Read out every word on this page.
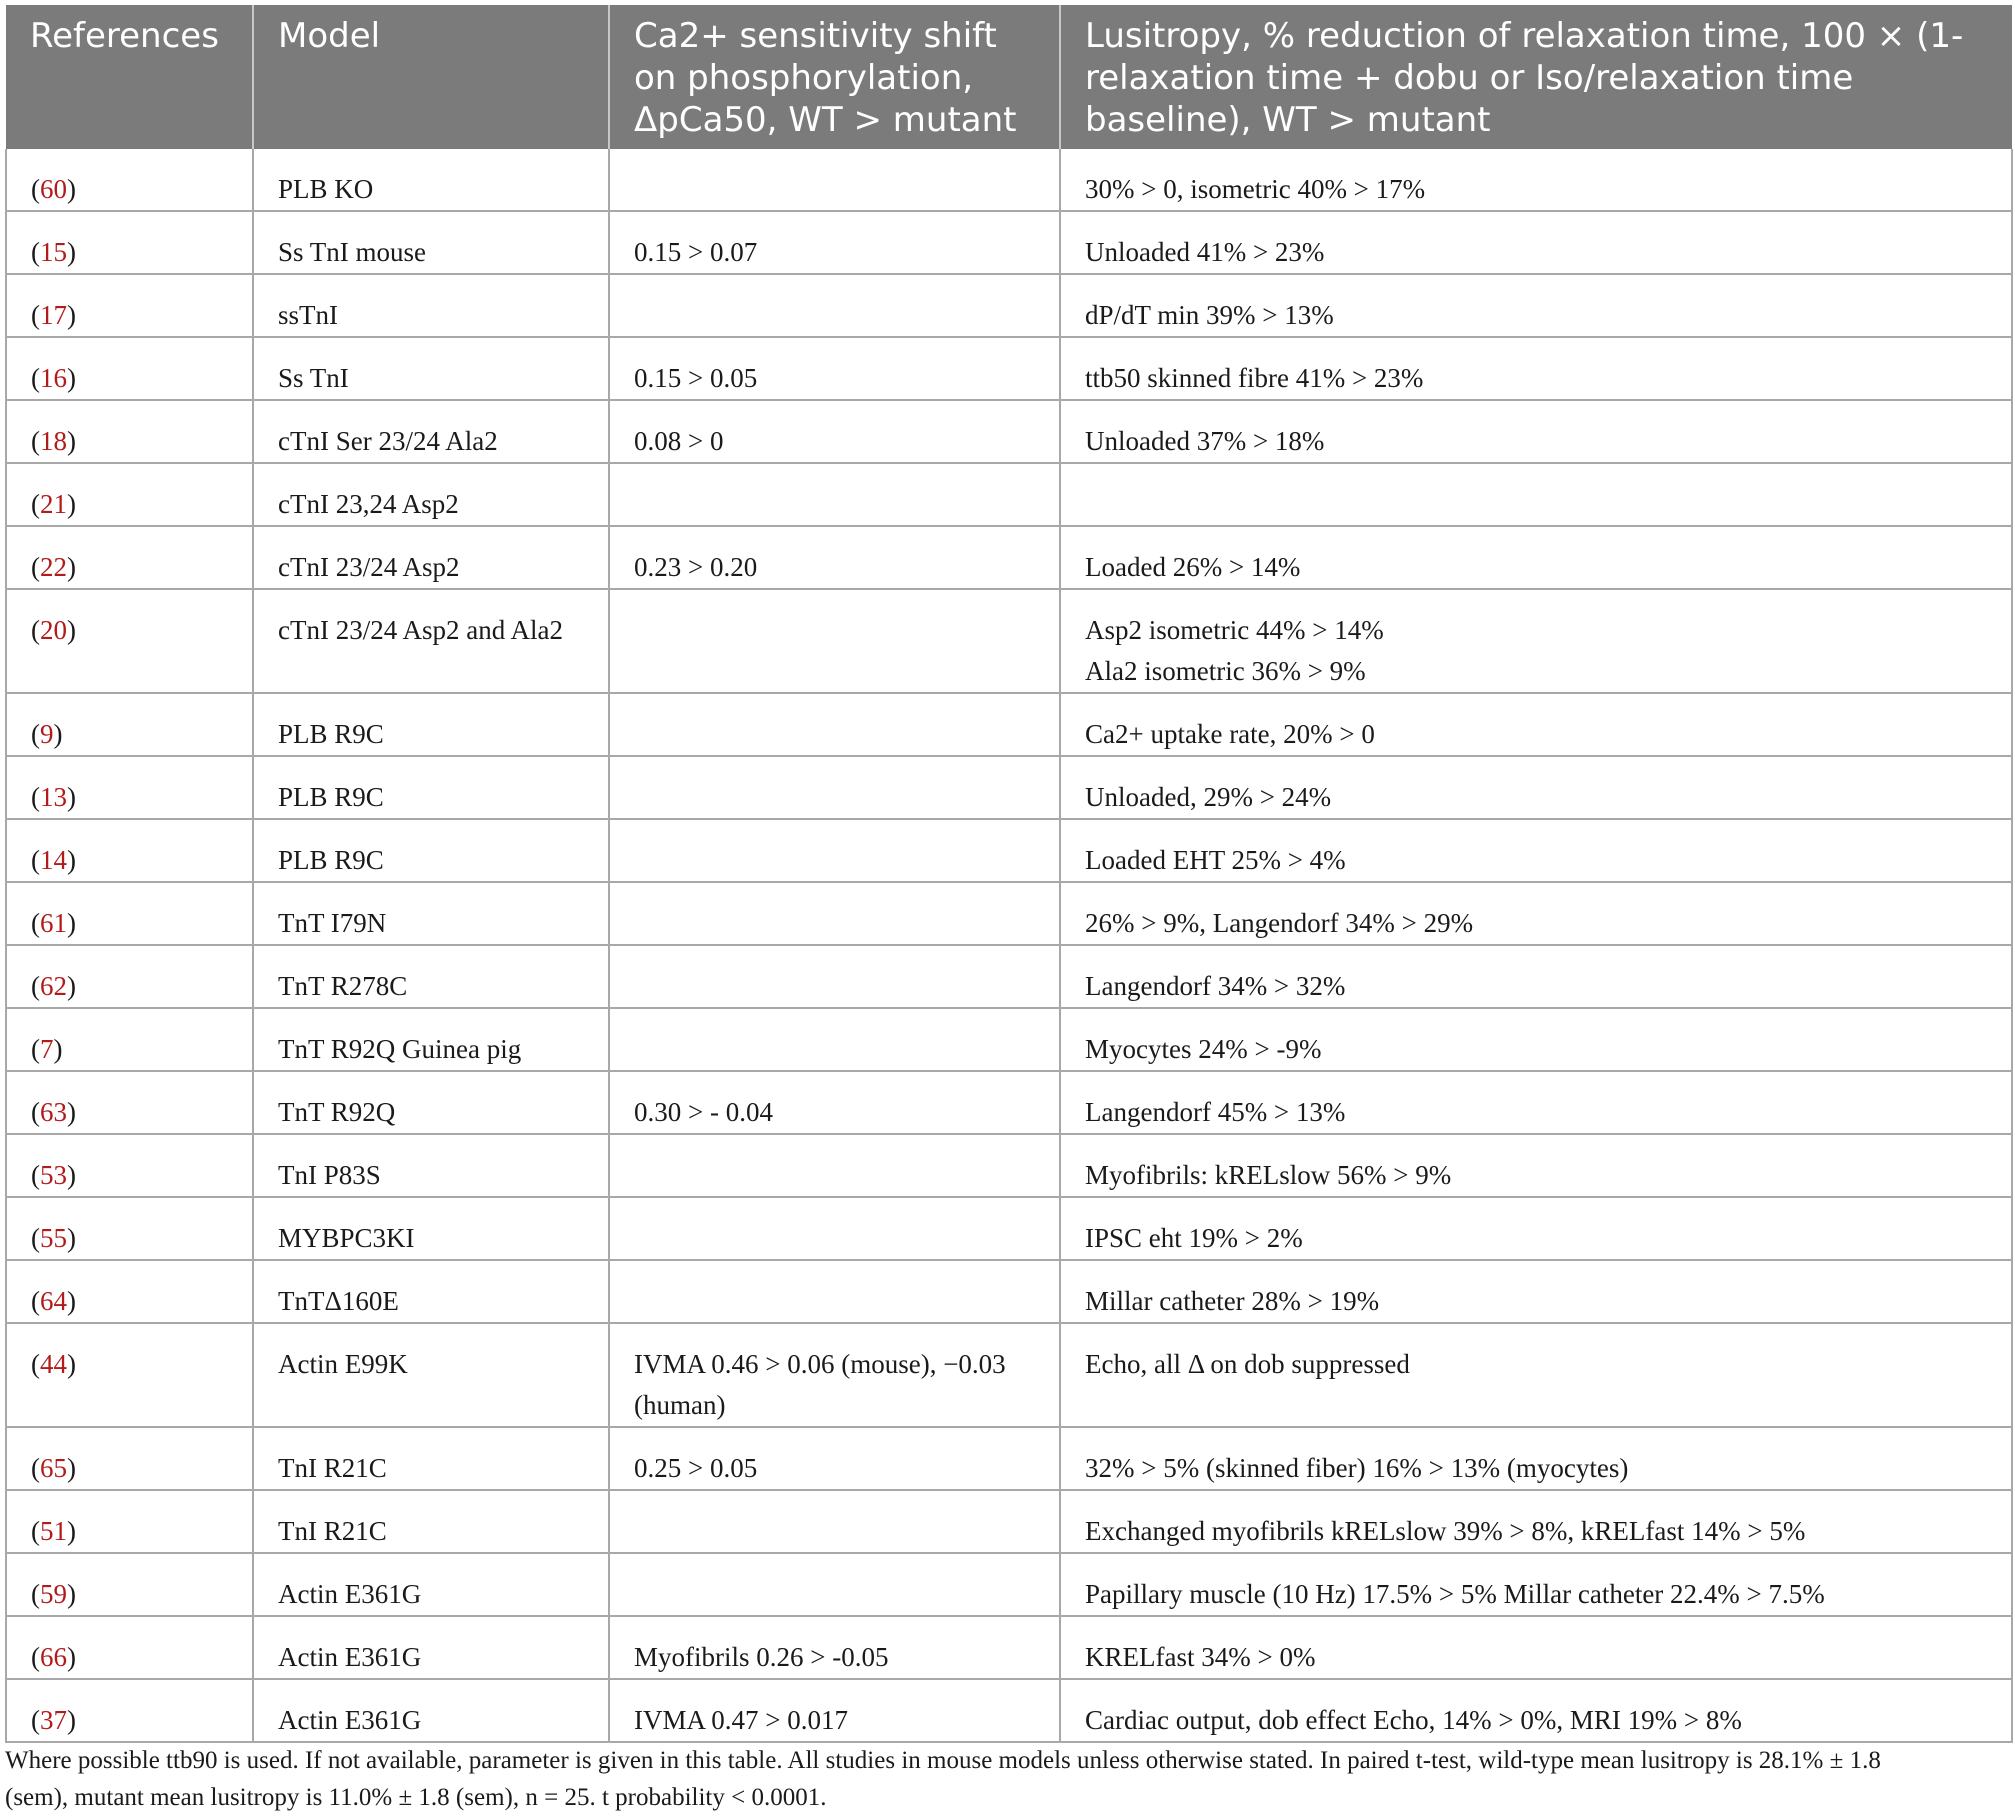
References	Model	Ca2+ sensitivity shift on phosphorylation, ΔpCa50, WT > mutant	Lusitropy, % reduction of relaxation time, 100 × (1-relaxation time + dobu or Iso/relaxation time baseline), WT > mutant
(60)	PLB KO		30% > 0, isometric 40% > 17%

(15)	Ss TnI mouse	0.15 > 0.07	Unloaded 41% > 23%

(17)	ssTnI		dP/dT min 39% > 13%

(16)	Ss TnI	0.15 > 0.05	ttb50 skinned fibre 41% > 23%

(18)	cTnI Ser 23/24 Ala2	0.08 > 0	Unloaded 37% > 18%

(21)	cTnI 23,24 Asp2		

(22)	cTnI 23/24 Asp2	0.23 > 0.20	Loaded 26% > 14%

(20)	cTnI 23/24 Asp2 and Ala2		Asp2 isometric 44% > 14%
Ala2 isometric 36% > 9%

(9)	PLB R9C		Ca2+ uptake rate, 20% > 0

(13)	PLB R9C		Unloaded, 29% > 24%

(14)	PLB R9C		Loaded EHT 25% > 4%

(61)	TnT I79N		26% > 9%, Langendorf 34% > 29%

(62)	TnT R278C		Langendorf 34% > 32%

(7)	TnT R92Q Guinea pig		Myocytes 24% > -9%

(63)	TnT R92Q	0.30 > - 0.04	Langendorf 45% > 13%

(53)	TnI P83S		Myofibrils: kRELslow 56% > 9%

(55)	MYBPC3KI		IPSC eht 19% > 2%

(64)	TnTΔ160E		Millar catheter 28% > 19%

(44)	Actin E99K	IVMA 0.46 > 0.06 (mouse), −0.03 (human)	Echo, all Δ on dob suppressed

(65)	TnI R21C	0.25 > 0.05	32% > 5% (skinned fiber) 16% > 13% (myocytes)

(51)	TnI R21C		Exchanged myofibrils kRELslow 39% > 8%, kRELfast 14% > 5%

(59)	Actin E361G		Papillary muscle (10 Hz) 17.5% > 5% Millar catheter 22.4% > 7.5%

(66)	Actin E361G	Myofibrils 0.26 > -0.05	KRELfast 34% > 0%

(37)	Actin E361G	IVMA 0.47 > 0.017	Cardiac output, dob effect Echo, 14% > 0%, MRI 19% > 8%

Where possible ttb90 is used. If not available, parameter is given in this table. All studies in mouse models unless otherwise stated. In paired t-test, wild-type mean lusitropy is 28.1% ± 1.8

(sem), mutant mean lusitropy is 11.0% ± 1.8 (sem), n = 25. t probability < 0.0001.
